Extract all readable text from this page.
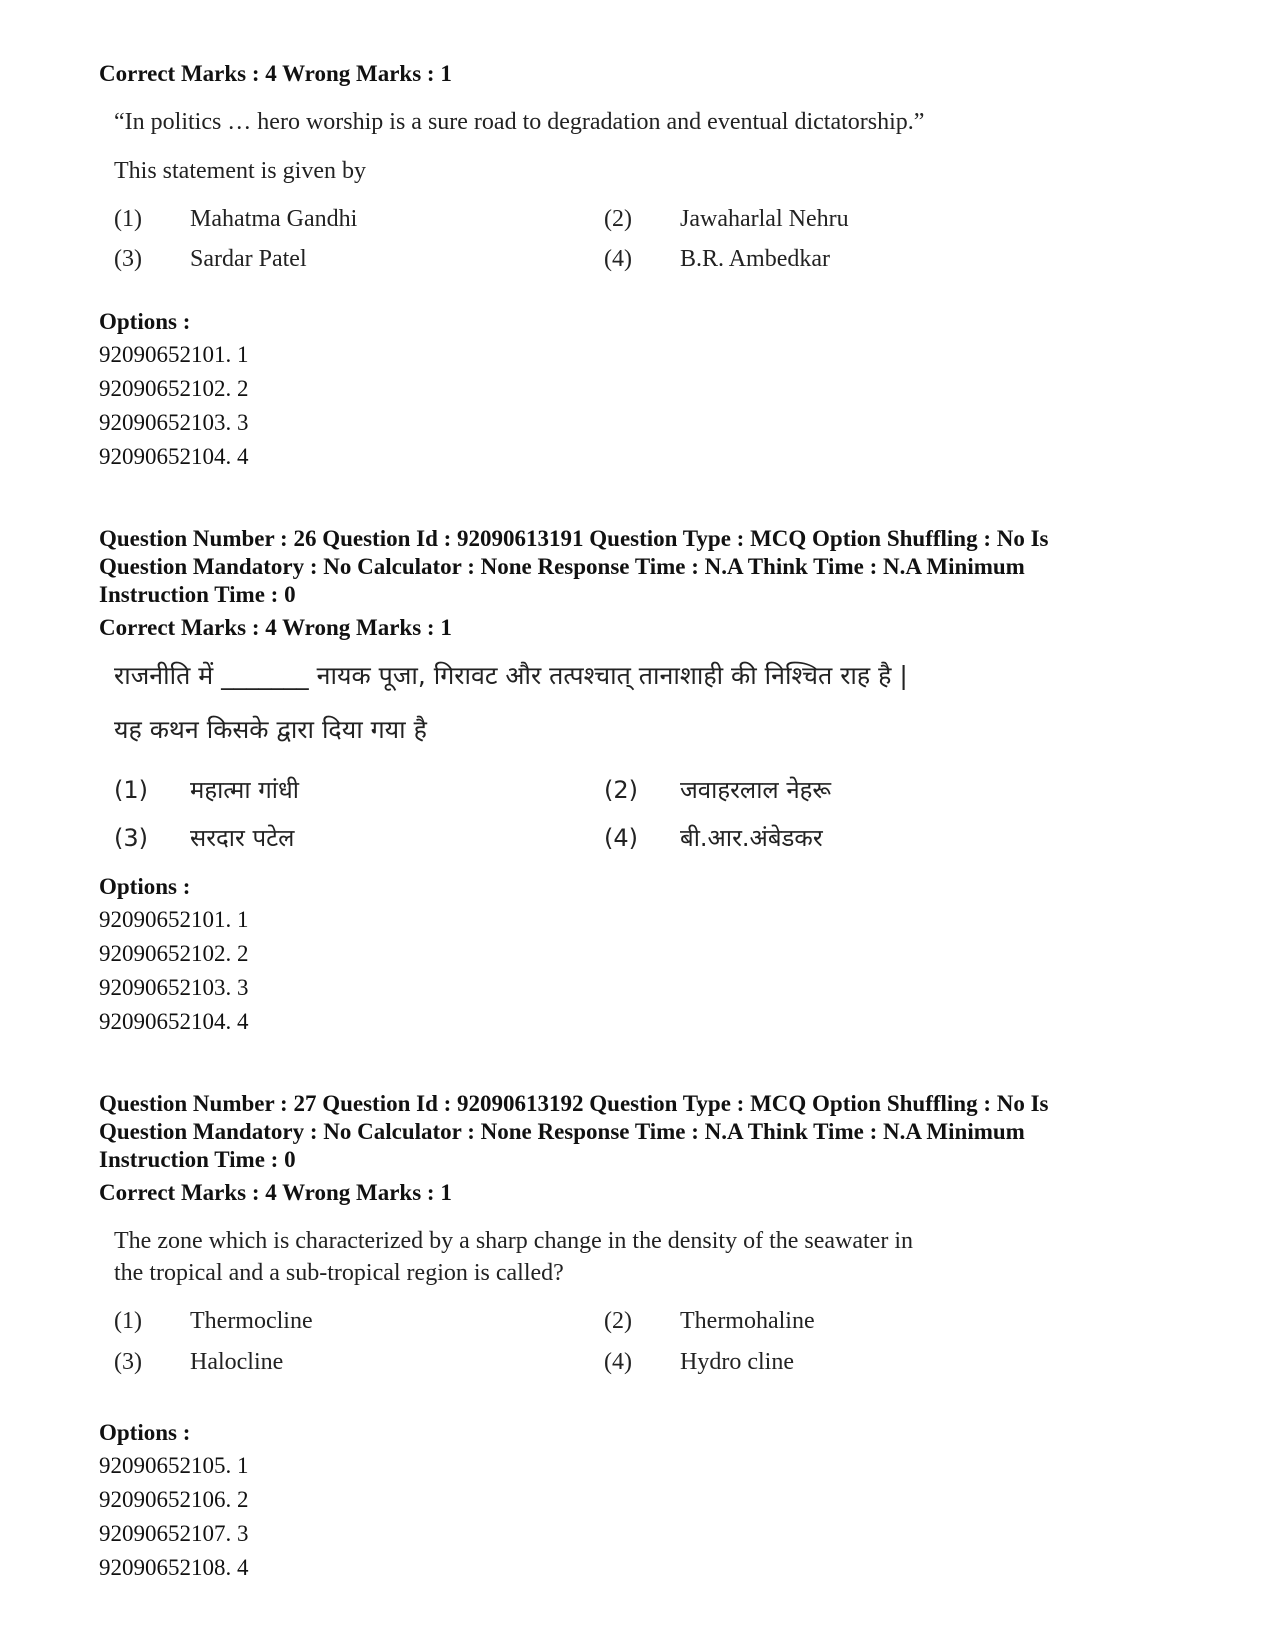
Correct Marks : 4 Wrong Marks : 1

“In politics … hero worship is a sure road to degradation and eventual dictatorship.”

This statement is given by

(1) Mahatma Gandhi	(2) Jawaharlal Nehru

(3) Sardar Patel	(4) B.R. Ambedkar

Options :

92090652101. 1

92090652102. 2

92090652103. 3

92090652104. 4

Question Number : 26 Question Id : 92090613191 Question Type : MCQ Option Shuffling : No Is

Question Mandatory : No Calculator : None Response Time : N.A Think Time : N.A Minimum

Instruction Time : 0

Correct Marks : 4 Wrong Marks : 1

राजनीति में _______ नायक पूजा, गिरावट और तत्पश्चात् तानाशाही की निश्चित राह है |

यह कथन किसके द्वारा दिया गया है

(1) महात्मा गांधी	(2) जवाहरलाल नेहरू

(3) सरदार पटेल	(4) बी.आर.अंबेडकर

Options :

92090652101. 1

92090652102. 2

92090652103. 3

92090652104. 4

Question Number : 27 Question Id : 92090613192 Question Type : MCQ Option Shuffling : No Is

Question Mandatory : No Calculator : None Response Time : N.A Think Time : N.A Minimum

Instruction Time : 0

Correct Marks : 4 Wrong Marks : 1

The zone which is characterized by a sharp change in the density of the seawater in

the tropical and a sub-tropical region is called?

(1) Thermocline	(2) Thermohaline

(3) Halocline	(4) Hydro cline

Options :

92090652105. 1

92090652106. 2

92090652107. 3

92090652108. 4
